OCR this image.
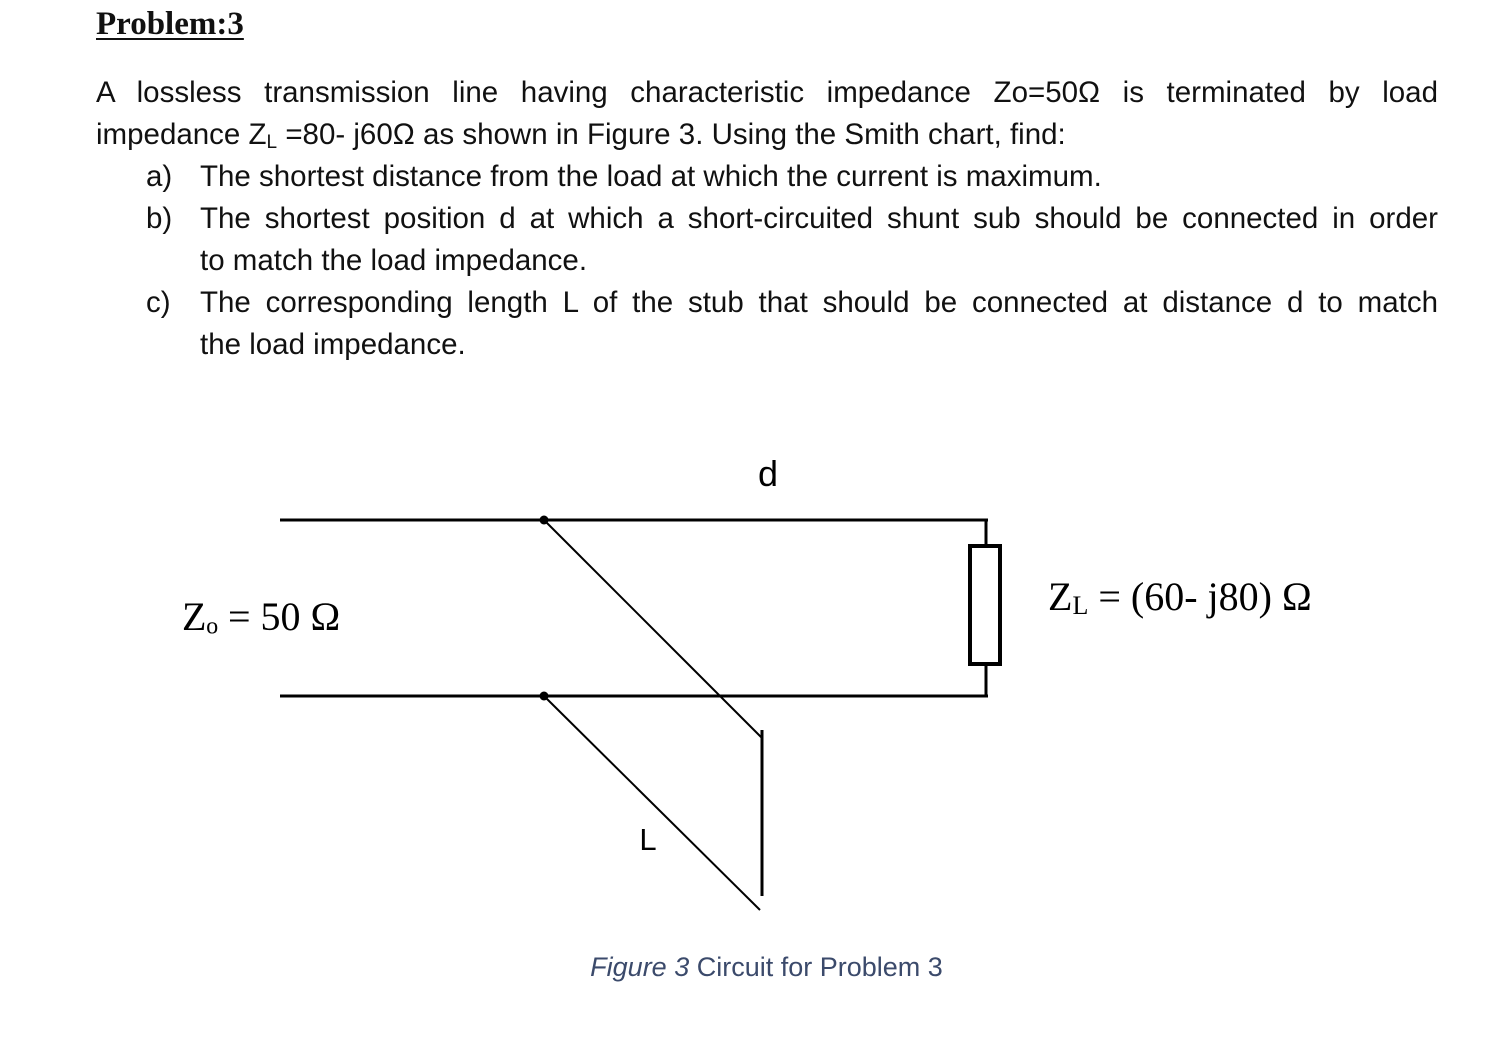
Problem:3

A lossless transmission line having characteristic impedance Zo=50Ω is terminated by load
impedance $Z_L =80-$ j60Ω as shown in Figure 3. Using the Smith chart, find:

a) The shortest distance from the load at which the current is maximum.
b) The shortest position d at which a short-circuited shunt sub should be connected in order
to match the load impedance.
c) The corresponding length L of the stub that should be connected at distance d to match
the load impedance.
d
L
Zₒ = 50 Ω	ZL = (60- j80) Ω

Figure 3 Circuit for Problem 3
